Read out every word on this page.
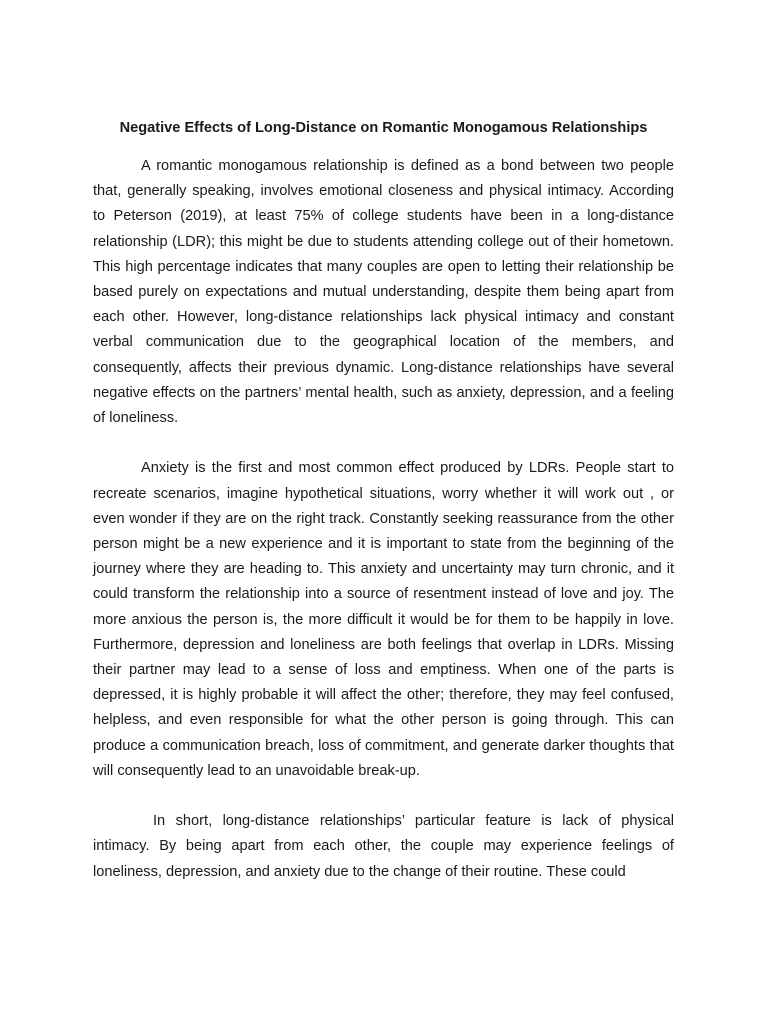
Negative Effects of Long-Distance on Romantic Monogamous Relationships

A romantic monogamous relationship is defined as a bond between two people that, generally speaking, involves emotional closeness and physical intimacy. According to Peterson (2019), at least 75% of college students have been in a long-distance relationship (LDR); this might be due to students attending college out of their hometown. This high percentage indicates that many couples are open to letting their relationship be based purely on expectations and mutual understanding, despite them being apart from each other. However, long-distance relationships lack physical intimacy and constant verbal communication due to the geographical location of the members, and consequently, affects their previous dynamic. Long-distance relationships have several negative effects on the partners’ mental health, such as anxiety, depression, and a feeling of loneliness.

Anxiety is the first and most common effect produced by LDRs. People start to recreate scenarios, imagine hypothetical situations, worry whether it will work out , or even wonder if they are on the right track. Constantly seeking reassurance from the other person might be a new experience and it is important to state from the beginning of the journey where they are heading to. This anxiety and uncertainty may turn chronic, and it could transform the relationship into a source of resentment instead of love and joy. The more anxious the person is, the more difficult it would be for them to be happily in love. Furthermore, depression and loneliness are both feelings that overlap in LDRs. Missing their partner may lead to a sense of loss and emptiness. When one of the parts is depressed, it is highly probable it will affect the other; therefore, they may feel confused, helpless, and even responsible for what the other person is going through. This can produce a communication breach, loss of commitment, and generate darker thoughts that will consequently lead to an unavoidable break-up.

In short, long-distance relationships’ particular feature is lack of physical intimacy. By being apart from each other, the couple may experience feelings of loneliness, depression, and anxiety due to the change of their routine. These could
